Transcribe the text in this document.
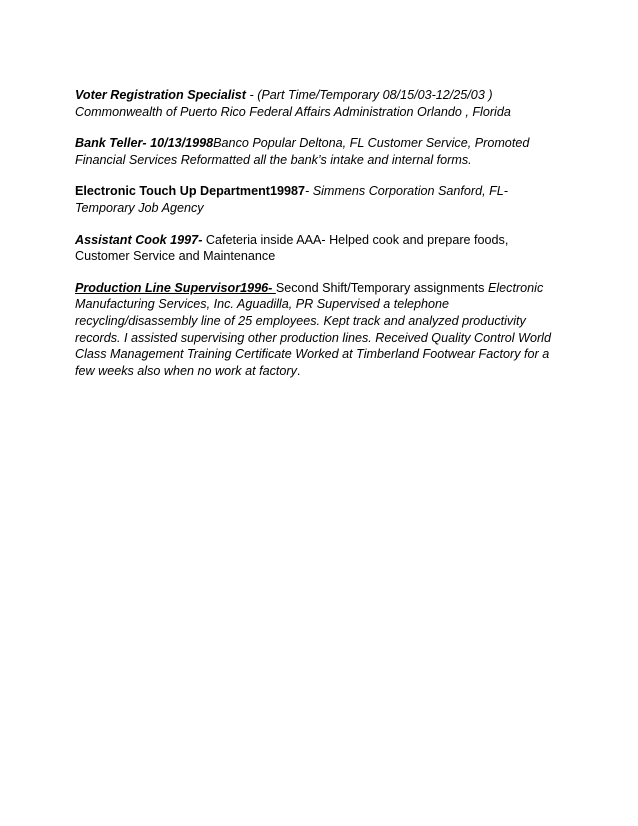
Voter Registration Specialist - (Part Time/Temporary 08/15/03-12/25/03 )
Commonwealth of Puerto Rico Federal Affairs Administration Orlando , Florida
Bank Teller- 10/13/1998Banco Popular Deltona, FL Customer Service, Promoted
Financial Services Reformatted all the bank’s intake and internal forms.
Electronic Touch Up Department19987- Simmens Corporation Sanford, FL-
Temporary Job Agency
Assistant Cook 1997- Cafeteria inside AAA- Helped cook and prepare foods,
Customer Service and Maintenance
Production Line Supervisor1996- Second Shift/Temporary assignments Electronic
Manufacturing Services, Inc. Aguadilla, PR Supervised a telephone
recycling/disassembly line of 25 employees. Kept track and analyzed productivity
records. I assisted supervising other production lines. Received Quality Control World
Class Management Training Certificate Worked at Timberland Footwear Factory for a
few weeks also when no work at factory.
